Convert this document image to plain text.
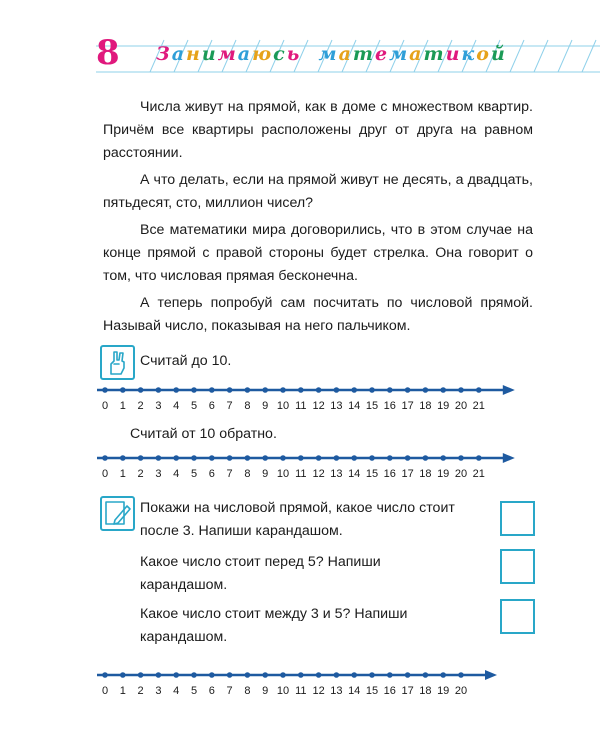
8 Занимаюсь математикой

Числа живут на прямой, как в доме с множеством квартир. Причём все квартиры расположены друг от друга на равном расстоянии.

А что делать, если на прямой живут не десять, а двадцать, пятьдесят, сто, миллион чисел?

Все математики мира договорились, что в этом случае на конце прямой с правой стороны будет стрелка. Она говорит о том, что числовая прямая бесконечна.

А теперь попробуй сам посчитать по числовой прямой. Называй число, показывая на него пальчиком.

Считай до 10.
0 1 2 3 4 5 6 7 8 9 10 11 12 13 14 15 16 17 18 19 20 21
Считай от 10 обратно.
0 1 2 3 4 5 6 7 8 9 10 11 12 13 14 15 16 17 18 19 20 21
Покажи на числовой прямой, какое число стоит после 3. Напиши карандашом.
Какое число стоит перед 5? Напиши карандашом.
Какое число стоит между 3 и 5? Напиши карандашом.
0 1 2 3 4 5 6 7 8 9 10 11 12 13 14 15 16 17 18 19 20
